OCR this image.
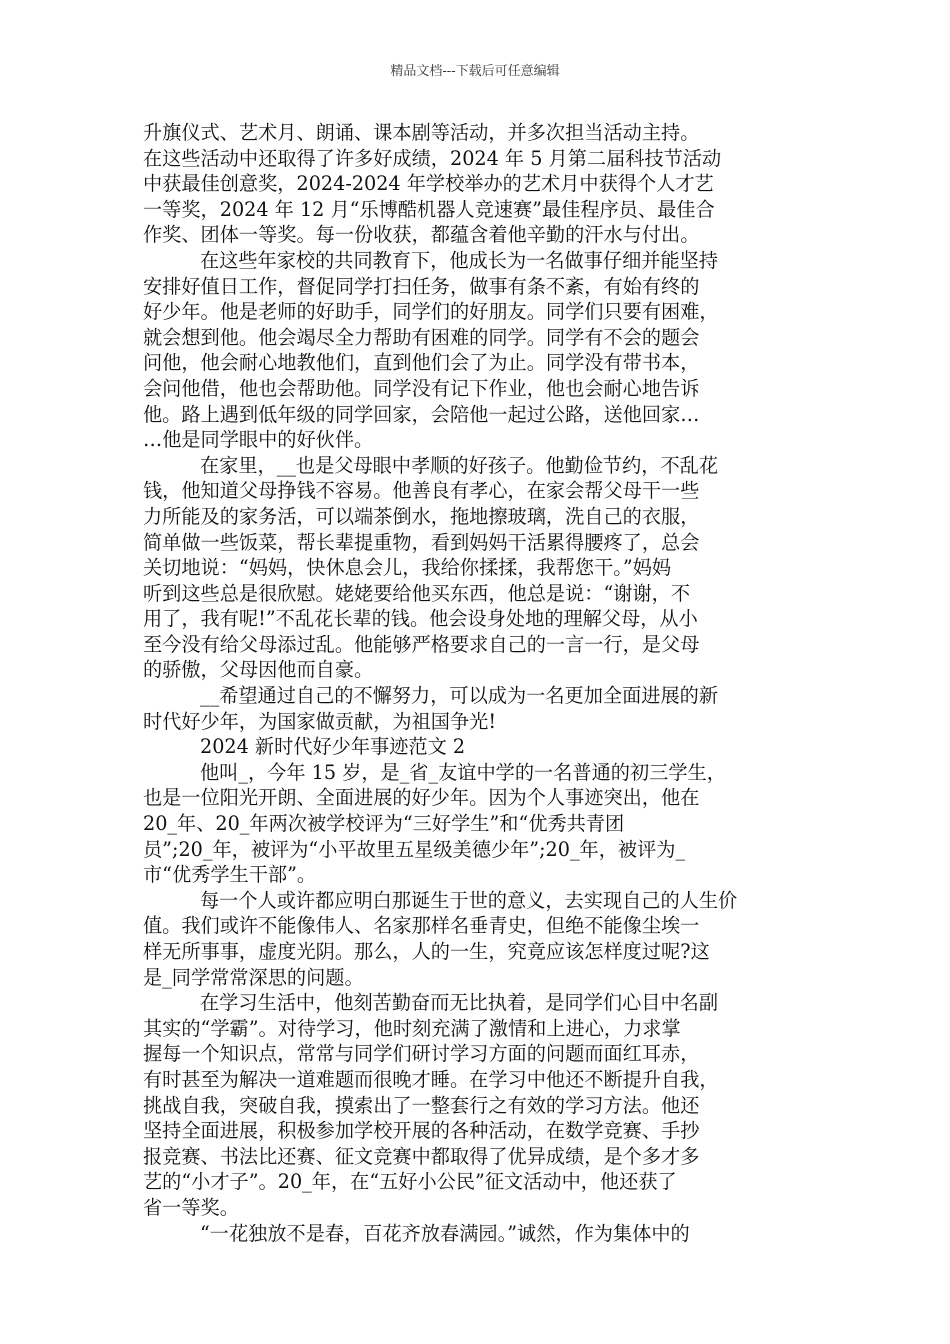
精品文档---下载后可任意编辑
升旗仪式、艺术月、朗诵、课本剧等活动，并多次担当活动主持。
在这些活动中还取得了许多好成绩，2024 年 5 月第二届科技节活动
中获最佳创意奖，2024-2024 年学校举办的艺术月中获得个人才艺
一等奖，2024 年 12 月“乐博酷机器人竞速赛”最佳程序员、最佳合
作奖、团体一等奖。每一份收获，都蕴含着他辛勤的汗水与付出。
在这些年家校的共同教育下，他成长为一名做事仔细并能坚持
安排好值日工作，督促同学打扫任务，做事有条不紊，有始有终的
好少年。他是老师的好助手，同学们的好朋友。同学们只要有困难，
就会想到他。他会竭尽全力帮助有困难的同学。同学有不会的题会
问他，他会耐心地教他们，直到他们会了为止。同学没有带书本，
会问他借，他也会帮助他。同学没有记下作业，他也会耐心地告诉
他。路上遇到低年级的同学回家，会陪他一起过公路，送他回家…
…他是同学眼中的好伙伴。
在家里，__也是父母眼中孝顺的好孩子。他勤俭节约，不乱花
钱，他知道父母挣钱不容易。他善良有孝心，在家会帮父母干一些
力所能及的家务活，可以端茶倒水，拖地擦玻璃，洗自己的衣服，
简单做一些饭菜，帮长辈提重物，看到妈妈干活累得腰疼了，总会
关切地说：“妈妈，快休息会儿，我给你揉揉，我帮您干。”妈妈
听到这些总是很欣慰。姥姥要给他买东西，他总是说：“谢谢，不
用了，我有呢!”不乱花长辈的钱。他会设身处地的理解父母，从小
至今没有给父母添过乱。他能够严格要求自己的一言一行，是父母
的骄傲，父母因他而自豪。
__希望通过自己的不懈努力，可以成为一名更加全面进展的新
时代好少年，为国家做贡献，为祖国争光!
2024 新时代好少年事迹范文 2
他叫_，今年 15 岁，是_省_友谊中学的一名普通的初三学生，
也是一位阳光开朗、全面进展的好少年。因为个人事迹突出，他在
20_年、20_年两次被学校评为“三好学生”和“优秀共青团
员”;20_年，被评为“小平故里五星级美德少年”;20_年，被评为_
市“优秀学生干部”。
每一个人或许都应明白那诞生于世的意义，去实现自己的人生价
值。我们或许不能像伟人、名家那样名垂青史，但绝不能像尘埃一
样无所事事，虚度光阴。那么，人的一生，究竟应该怎样度过呢?这
是_同学常常深思的问题。
在学习生活中，他刻苦勤奋而无比执着，是同学们心目中名副
其实的“学霸”。对待学习，他时刻充满了激情和上进心，力求掌
握每一个知识点，常常与同学们研讨学习方面的问题而面红耳赤，
有时甚至为解决一道难题而很晚才睡。在学习中他还不断提升自我，
挑战自我，突破自我，摸索出了一整套行之有效的学习方法。他还
坚持全面进展，积极参加学校开展的各种活动，在数学竞赛、手抄
报竞赛、书法比还赛、征文竞赛中都取得了优异成绩，是个多才多
艺的“小才子”。20_年，在“五好小公民”征文活动中，他还获了
省一等奖。
“一花独放不是春，百花齐放春满园。”诚然，作为集体中的
